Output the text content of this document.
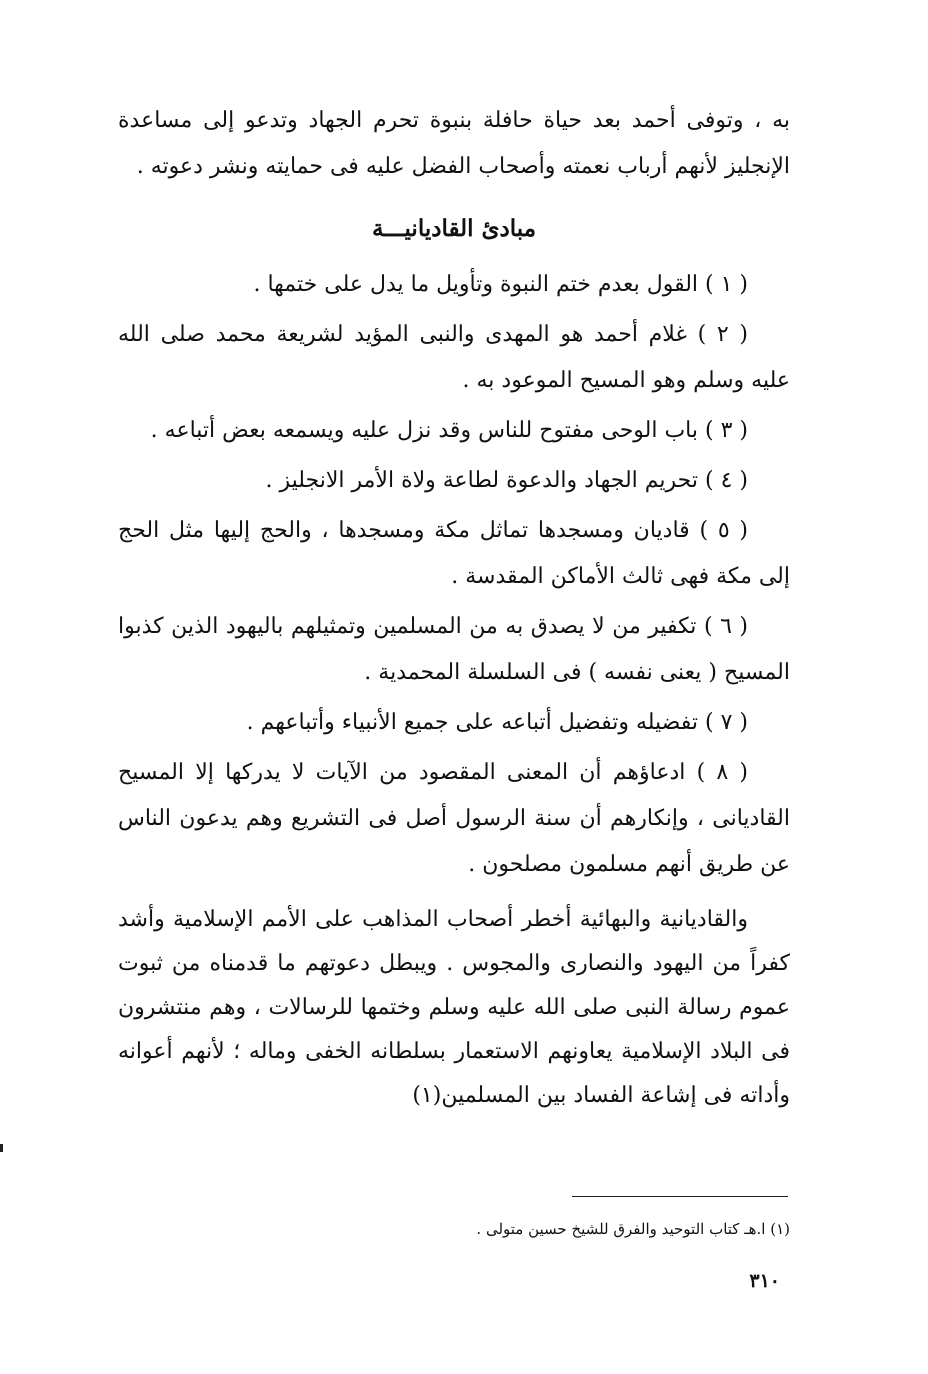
به ، وتوفى أحمد بعد حياة حافلة بنبوة تحرم الجهاد وتدعو إلى مساعدة الإنجليز لأنهم أرباب نعمته وأصحاب الفضل عليه فى حمايته ونشر دعوته .

مبادئ القاديانيـــة

( ١ ) القول بعدم ختم النبوة وتأويل ما يدل على ختمها .

( ٢ ) غلام أحمد هو المهدى والنبى المؤيد لشريعة محمد صلى الله عليه وسلم وهو المسيح الموعود به .

( ٣ ) باب الوحى مفتوح للناس وقد نزل عليه ويسمعه بعض أتباعه .

( ٤ ) تحريم الجهاد والدعوة لطاعة ولاة الأمر الانجليز .

( ٥ ) قاديان ومسجدها تماثل مكة ومسجدها ، والحج إليها مثل الحج إلى مكة فهى ثالث الأماكن المقدسة .

( ٦ ) تكفير من لا يصدق به من المسلمين وتمثيلهم باليهود الذين كذبوا المسيح ( يعنى نفسه ) فى السلسلة المحمدية .

( ٧ ) تفضيله وتفضيل أتباعه على جميع الأنبياء وأتباعهم .

( ٨ ) ادعاؤهم أن المعنى المقصود من الآيات لا يدركها إلا المسيح القاديانى ، وإنكارهم أن سنة الرسول أصل فى التشريع وهم يدعون الناس عن طريق أنهم مسلمون مصلحون .

والقاديانية والبهائية أخطر أصحاب المذاهب على الأمم الإسلامية وأشد كفراً من اليهود والنصارى والمجوس . ويبطل دعوتهم ما قدمناه من ثبوت عموم رسالة النبى صلى الله عليه وسلم وختمها للرسالات ، وهم منتشرون فى البلاد الإسلامية يعاونهم الاستعمار بسلطانه الخفى وماله ؛ لأنهم أعوانه وأداته فى إشاعة الفساد بين المسلمين(١)

(١) ا.هـ كتاب التوحيد والفرق للشيخ حسين متولى .
٣١٠
